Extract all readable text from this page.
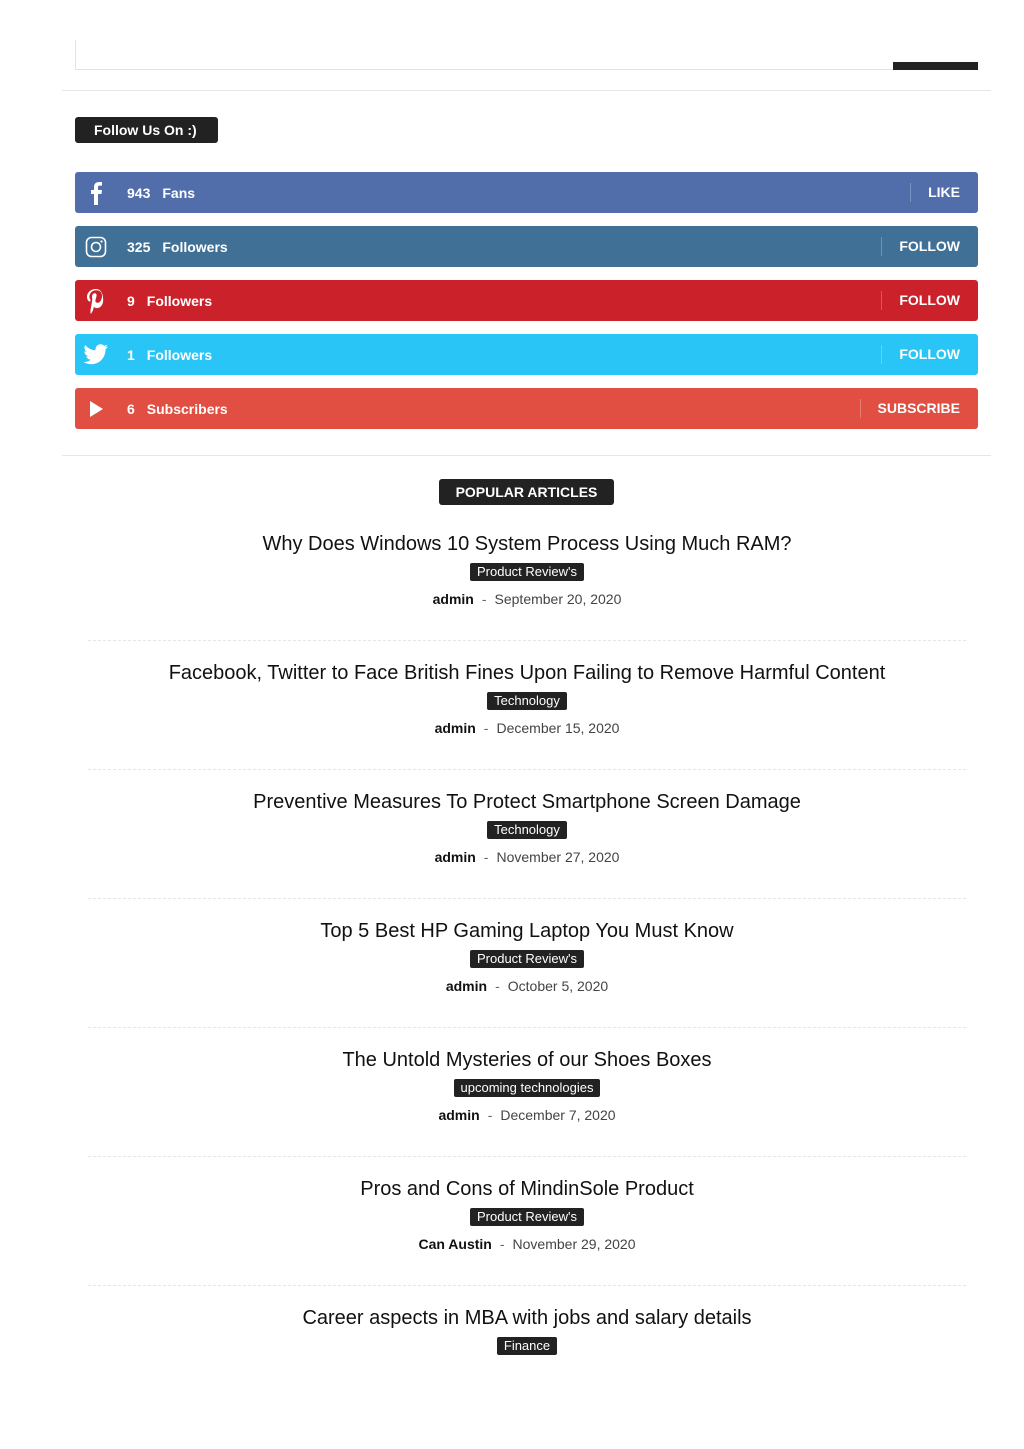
Follow Us On :)
943 Fans	LIKE
325 Followers	FOLLOW
9 Followers	FOLLOW
1 Followers	FOLLOW
6 Subscribers	SUBSCRIBE
POPULAR ARTICLES
Why Does Windows 10 System Process Using Much RAM?
Product Review's
admin - September 20, 2020
Facebook, Twitter to Face British Fines Upon Failing to Remove Harmful Content
Technology
admin - December 15, 2020
Preventive Measures To Protect Smartphone Screen Damage
Technology
admin - November 27, 2020
Top 5 Best HP Gaming Laptop You Must Know
Product Review's
admin - October 5, 2020
The Untold Mysteries of our Shoes Boxes
upcoming technologies
admin - December 7, 2020
Pros and Cons of MindinSole Product
Product Review's
Can Austin - November 29, 2020
Career aspects in MBA with jobs and salary details
Finance
